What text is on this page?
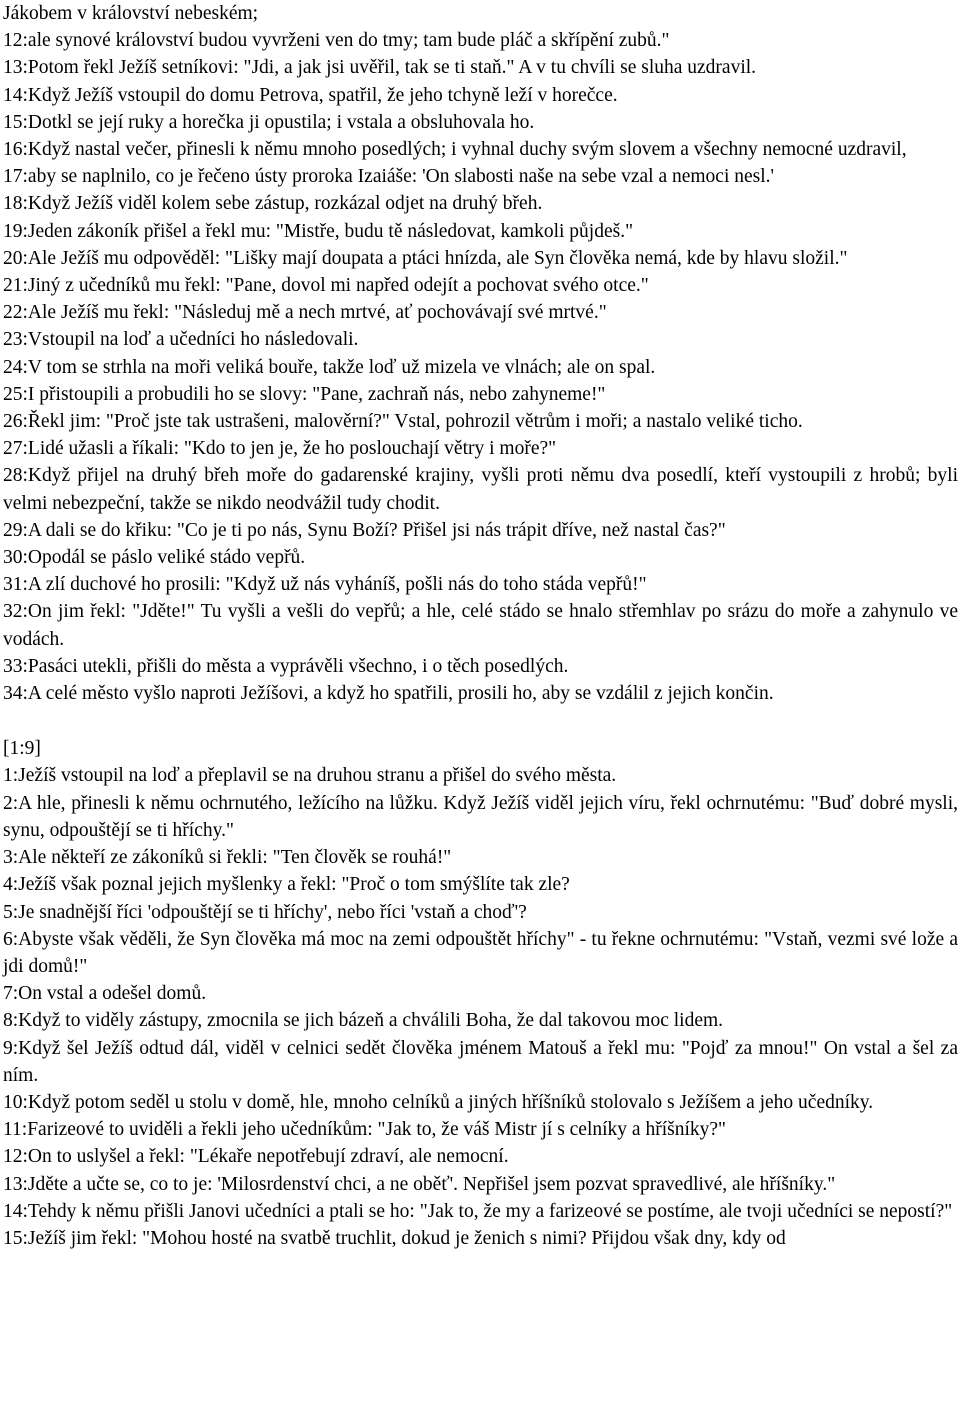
Jákobem v království nebeském;
12:ale synové království budou vyvrženi ven do tmy; tam bude pláč a skřípění zubů."
13:Potom řekl Ježíš setníkovi: "Jdi, a jak jsi uvěřil, tak se ti staň." A v tu chvíli se sluha uzdravil.
14:Když Ježíš vstoupil do domu Petrova, spatřil, že jeho tchyně leží v horečce.
15:Dotkl se její ruky a horečka ji opustila; i vstala a obsluhovala ho.
16:Když nastal večer, přinesli k němu mnoho posedlých; i vyhnal duchy svým slovem a všechny nemocné uzdravil,
17:aby se naplnilo, co je řečeno ústy proroka Izaiáše: 'On slabosti naše na sebe vzal a nemoci nesl.'
18:Když Ježíš viděl kolem sebe zástup, rozkázal odjet na druhý břeh.
19:Jeden zákoník přišel a řekl mu: "Mistře, budu tě následovat, kamkoli půjdeš."
20:Ale Ježíš mu odpověděl: "Lišky mají doupata a ptáci hnízda, ale Syn člověka nemá, kde by hlavu složil."
21:Jiný z učedníků mu řekl: "Pane, dovol mi napřed odejít a pochovat svého otce."
22:Ale Ježíš mu řekl: "Následuj mě a nech mrtvé, ať pochovávají své mrtvé."
23:Vstoupil na loď a učedníci ho následovali.
24:V tom se strhla na moři veliká bouře, takže loď už mizela ve vlnách; ale on spal.
25:I přistoupili a probudili ho se slovy: "Pane, zachraň nás, nebo zahyneme!"
26:Řekl jim: "Proč jste tak ustrašeni, malověrní?" Vstal, pohrozil větrům i moři; a nastalo veliké ticho.
27:Lidé užasli a říkali: "Kdo to jen je, že ho poslouchají větry i moře?"
28:Když přijel na druhý břeh moře do gadarenské krajiny, vyšli proti němu dva posedlí, kteří vystoupili z hrobů; byli velmi nebezpeční, takže se nikdo neodvážil tudy chodit.
29:A dali se do křiku: "Co je ti po nás, Synu Boží? Přišel jsi nás trápit dříve, než nastal čas?"
30:Opodál se páslo veliké stádo vepřů.
31:A zlí duchové ho prosili: "Když už nás vyháníš, pošli nás do toho stáda vepřů!"
32:On jim řekl: "Jděte!" Tu vyšli a vešli do vepřů; a hle, celé stádo se hnalo střemhlav po srázu do moře a zahynulo ve vodách.
33:Pasáci utekli, přišli do města a vyprávěli všechno, i o těch posedlých.
34:A celé město vyšlo naproti Ježíšovi, a když ho spatřili, prosili ho, aby se vzdálil z jejich končin.
[1:9]
1:Ježíš vstoupil na loď a přeplavil se na druhou stranu a přišel do svého města.
2:A hle, přinesli k němu ochrnutého, ležícího na lůžku. Když Ježíš viděl jejich víru, řekl ochrnutému: "Buď dobré mysli, synu, odpouštějí se ti hříchy."
3:Ale někteří ze zákoníků si řekli: "Ten člověk se rouhá!"
4:Ježíš však poznal jejich myšlenky a řekl: "Proč o tom smýšlíte tak zle?
5:Je snadnější říci 'odpouštějí se ti hříchy', nebo říci 'vstaň a choď'?
6:Abyste však věděli, že Syn člověka má moc na zemi odpouštět hříchy" - tu řekne ochrnutému: "Vstaň, vezmi své lože a jdi domů!"
7:On vstal a odešel domů.
8:Když to viděly zástupy, zmocnila se jich bázeň a chválili Boha, že dal takovou moc lidem.
9:Když šel Ježíš odtud dál, viděl v celnici sedět člověka jménem Matouš a řekl mu: "Pojď za mnou!" On vstal a šel za ním.
10:Když potom seděl u stolu v domě, hle, mnoho celníků a jiných hříšníků stolovalo s Ježíšem a jeho učedníky.
11:Farizeové to uviděli a řekli jeho učedníkům: "Jak to, že váš Mistr jí s celníky a hříšníky?"
12:On to uslyšel a řekl: "Lékaře nepotřebují zdraví, ale nemocní.
13:Jděte a učte se, co to je: 'Milosrdenství chci, a ne oběť'. Nepřišel jsem pozvat spravedlivé, ale hříšníky."
14:Tehdy k němu přišli Janovi učedníci a ptali se ho: "Jak to, že my a farizeové se postíme, ale tvoji učedníci se nepostí?"
15:Ježíš jim řekl: "Mohou hosté na svatbě truchlit, dokud je ženich s nimi? Přijdou však dny, kdy od
